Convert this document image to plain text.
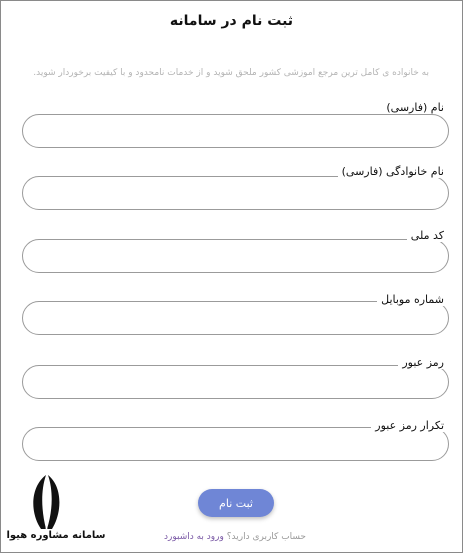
ثبت نام در سامانه
به خانواده ی کامل ترین مرجع آموزشی کشور ملحق شوید و از خدمات نامحدود و با کیفیت برخوردار شوید.
نام (فارسی)
نام خانوادگی (فارسی)
کد ملی
شماره موبایل
رمز عبور
تکرار رمز عبور
ثبت نام
حساب کاربری دارید؟ ورود به داشبورد
سامانه مشاوره هیوا
